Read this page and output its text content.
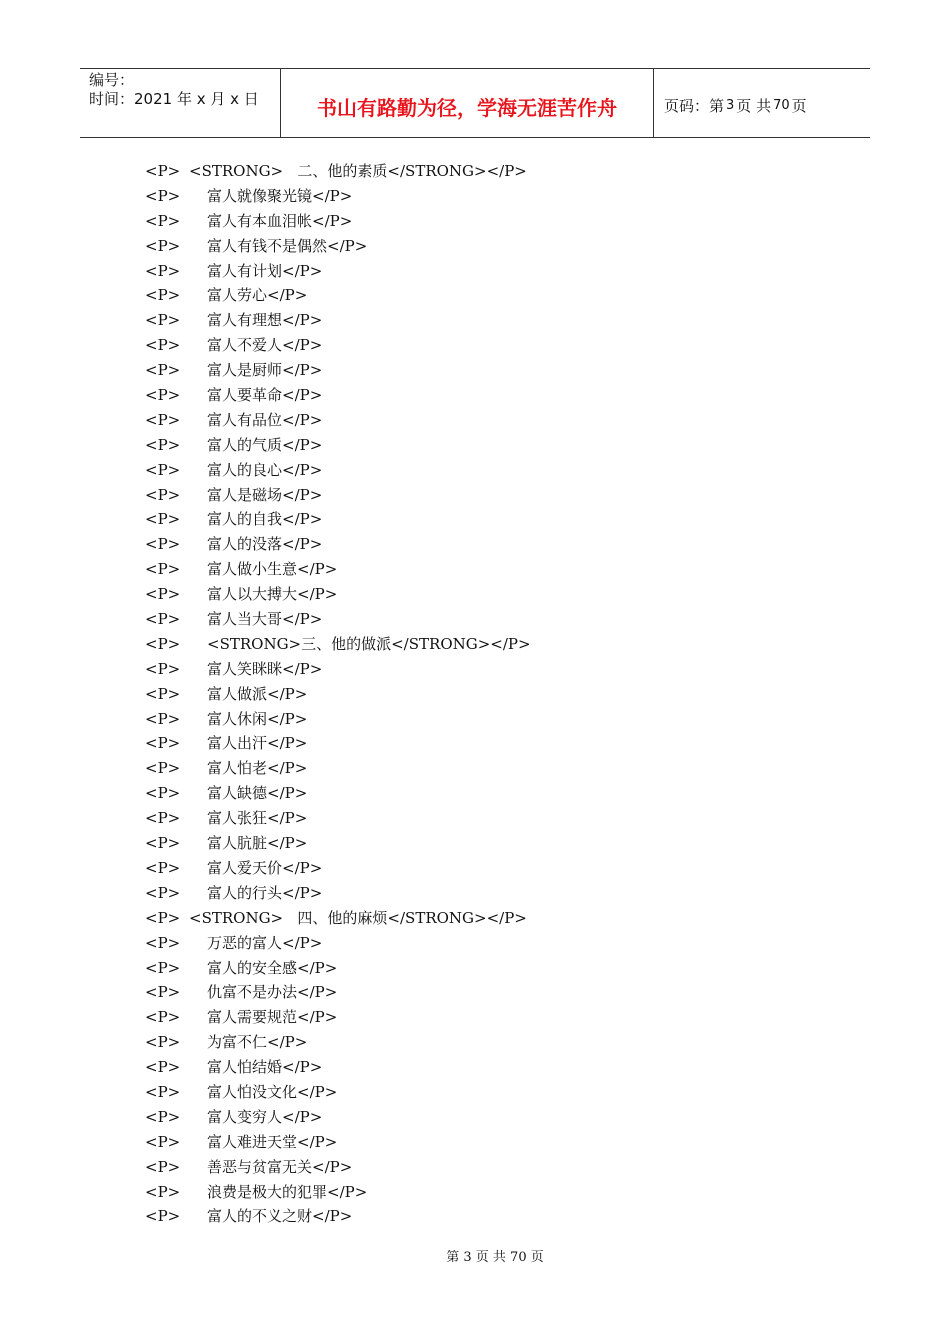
编号：
时间：2021 年 x 月 x 日	书山有路勤为径，学海无涯苦作舟	页码：第 3 页 共 70 页
<P> <STRONG>   二、他的素质</STRONG></P>
<P>	富人就像聚光镜</P>
<P>	富人有本血泪帐</P>
<P>	富人有钱不是偶然</P>
<P>	富人有计划</P>
<P>	富人劳心</P>
<P>	富人有理想</P>
<P>	富人不爱人</P>
<P>	富人是厨师</P>
<P>	富人要革命</P>
<P>	富人有品位</P>
<P>	富人的气质</P>
<P>	富人的良心</P>
<P>	富人是磁场</P>
<P>	富人的自我</P>
<P>	富人的没落</P>
<P>	富人做小生意</P>
<P>	富人以大搏大</P>
<P>	富人当大哥</P>
<P>	<STRONG>三、他的做派</STRONG></P>
<P>	富人笑眯眯</P>
<P>	富人做派</P>
<P>	富人休闲</P>
<P>	富人出汗</P>
<P>	富人怕老</P>
<P>	富人缺德</P>
<P>	富人张狂</P>
<P>	富人肮脏</P>
<P>	富人爱天价</P>
<P>	富人的行头</P>
<P> <STRONG>   四、他的麻烦</STRONG></P>
<P>	万恶的富人</P>
<P>	富人的安全感</P>
<P>	仇富不是办法</P>
<P>	富人需要规范</P>
<P>	为富不仁</P>
<P>	富人怕结婚</P>
<P>	富人怕没文化</P>
<P>	富人变穷人</P>
<P>	富人难进天堂</P>
<P>	善恶与贫富无关</P>
<P>	浪费是极大的犯罪</P>
<P>	富人的不义之财</P>
第 3 页 共 70 页
